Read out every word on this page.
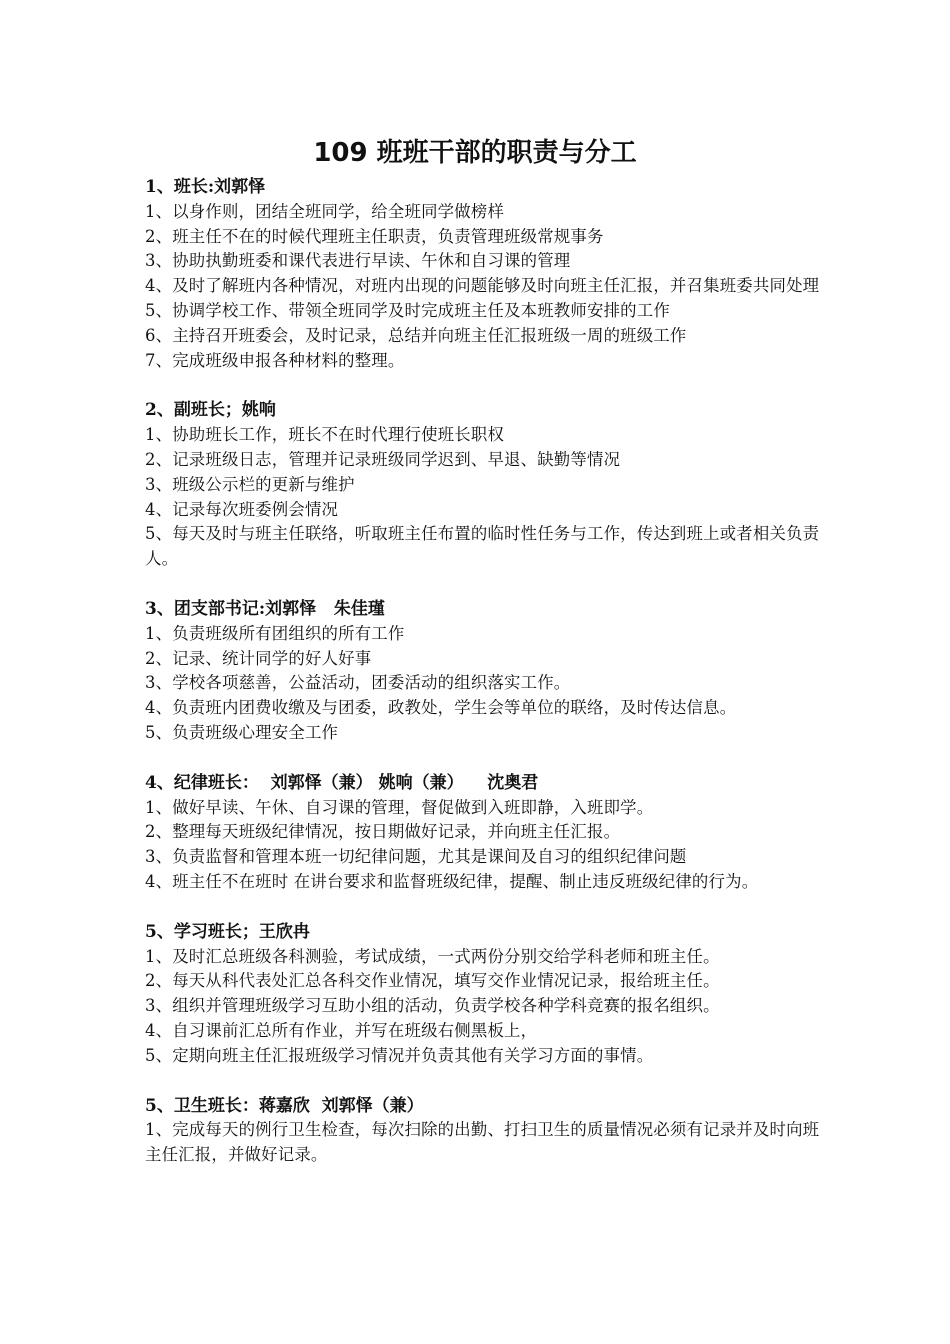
109 班班干部的职责与分工
1、班长:刘郭怿
1、以身作则，团结全班同学，给全班同学做榜样
2、班主任不在的时候代理班主任职责，负责管理班级常规事务
3、协助执勤班委和课代表进行早读、午休和自习课的管理
4、及时了解班内各种情况，对班内出现的问题能够及时向班主任汇报，并召集班委共同处理
5、协调学校工作、带领全班同学及时完成班主任及本班教师安排的工作
6、主持召开班委会，及时记录，总结并向班主任汇报班级一周的班级工作
7、完成班级申报各种材料的整理。
2、副班长；姚响
1、协助班长工作，班长不在时代理行使班长职权
2、记录班级日志，管理并记录班级同学迟到、早退、缺勤等情况
3、班级公示栏的更新与维护
4、记录每次班委例会情况
5、每天及时与班主任联络，听取班主任布置的临时性任务与工作，传达到班上或者相关负责人。
3、团支部书记:刘郭怿   朱佳瑾
1、负责班级所有团组织的所有工作
2、记录、统计同学的好人好事
3、学校各项慈善，公益活动，团委活动的组织落实工作。
4、负责班内团费收缴及与团委，政教处，学生会等单位的联络，及时传达信息。
5、负责班级心理安全工作
4、纪律班长：  刘郭怿（兼） 姚响（兼）    沈奥君
1、做好早读、午休、自习课的管理，督促做到入班即静，入班即学。
2、整理每天班级纪律情况，按日期做好记录，并向班主任汇报。
3、负责监督和管理本班一切纪律问题，尤其是课间及自习的组织纪律问题
4、班主任不在班时 在讲台要求和监督班级纪律，提醒、制止违反班级纪律的行为。
5、学习班长；王欣冉
1、及时汇总班级各科测验，考试成绩，一式两份分别交给学科老师和班主任。
2、每天从科代表处汇总各科交作业情况，填写交作业情况记录，报给班主任。
3、组织并管理班级学习互助小组的活动，负责学校各种学科竞赛的报名组织。
4、自习课前汇总所有作业，并写在班级右侧黑板上，
5、定期向班主任汇报班级学习情况并负责其他有关学习方面的事情。
5、卫生班长：蒋嘉欣  刘郭怿（兼）
1、完成每天的例行卫生检查，每次扫除的出勤、打扫卫生的质量情况必须有记录并及时向班主任汇报，并做好记录。
